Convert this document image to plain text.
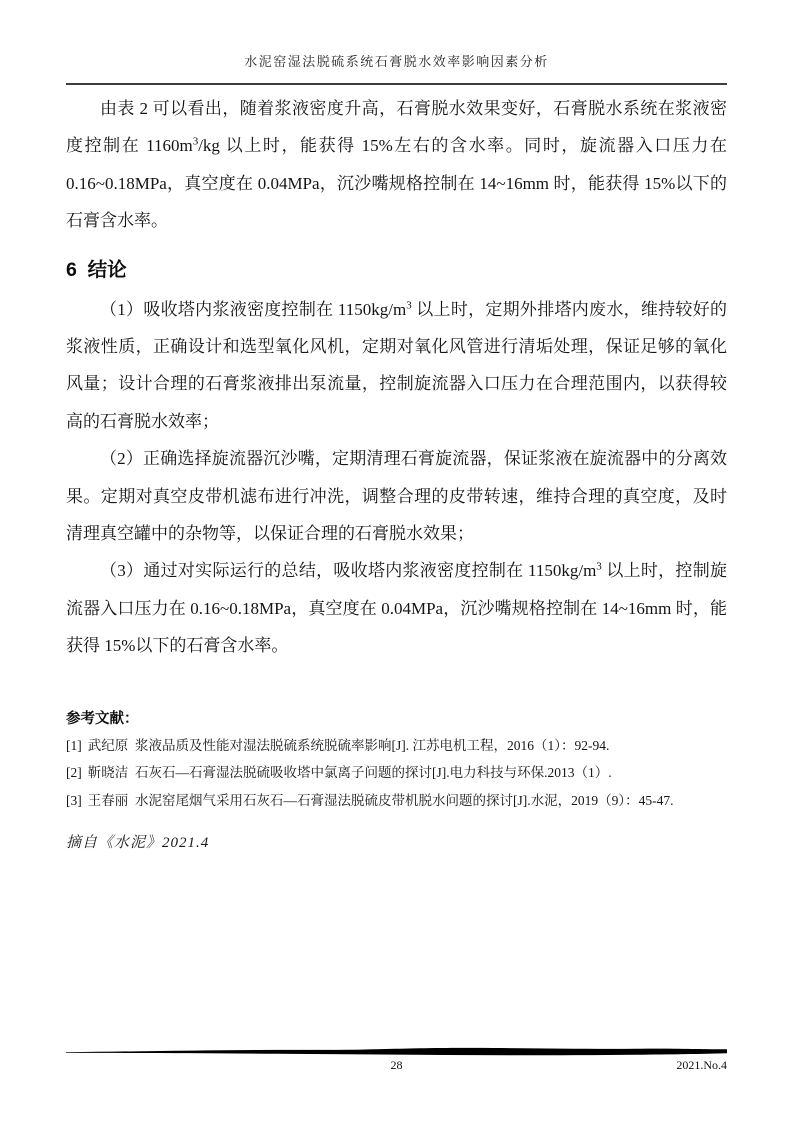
水泥窑湿法脱硫系统石膏脱水效率影响因素分析

由表 2 可以看出，随着浆液密度升高，石膏脱水效果变好，石膏脱水系统在浆液密度控制在 $1160m^3/kg$ 以上时，能获得 15%左右的含水率。同时，旋流器入口压力在 0.16~0.18MPa，真空度在 0.04MPa，沉沙嘴规格控制在 14~16mm 时，能获得 15%以下的石膏含水率。

6  结论

（1）吸收塔内浆液密度控制在 $1150kg/m^3$ 以上时，定期外排塔内废水，维持较好的浆液性质，正确设计和选型氧化风机，定期对氧化风管进行清垢处理，保证足够的氧化风量；设计合理的石膏浆液排出泵流量，控制旋流器入口压力在合理范围内，以获得较高的石膏脱水效率；

（2）正确选择旋流器沉沙嘴，定期清理石膏旋流器，保证浆液在旋流器中的分离效果。定期对真空皮带机滤布进行冲洗，调整合理的皮带转速，维持合理的真空度，及时清理真空罐中的杂物等，以保证合理的石膏脱水效果；

（3）通过对实际运行的总结，吸收塔内浆液密度控制在 $1150kg/m^3$ 以上时，控制旋流器入口压力在 0.16~0.18MPa，真空度在 0.04MPa，沉沙嘴规格控制在 14~16mm 时，能获得 15%以下的石膏含水率。

参考文献：
[1] 武纪原  浆液品质及性能对湿法脱硫系统脱硫率影响[J]. 江苏电机工程，2016（1）：92-94.
[2] 靳晓洁  石灰石—石膏湿法脱硫吸收塔中氯离子问题的探讨[J].电力科技与环保.2013（1）.
[3] 王春丽  水泥窑尾烟气采用石灰石—石膏湿法脱硫皮带机脱水问题的探讨[J].水泥，2019（9）：45-47.
摘自《水泥》2021.4
28	2021.No.4
